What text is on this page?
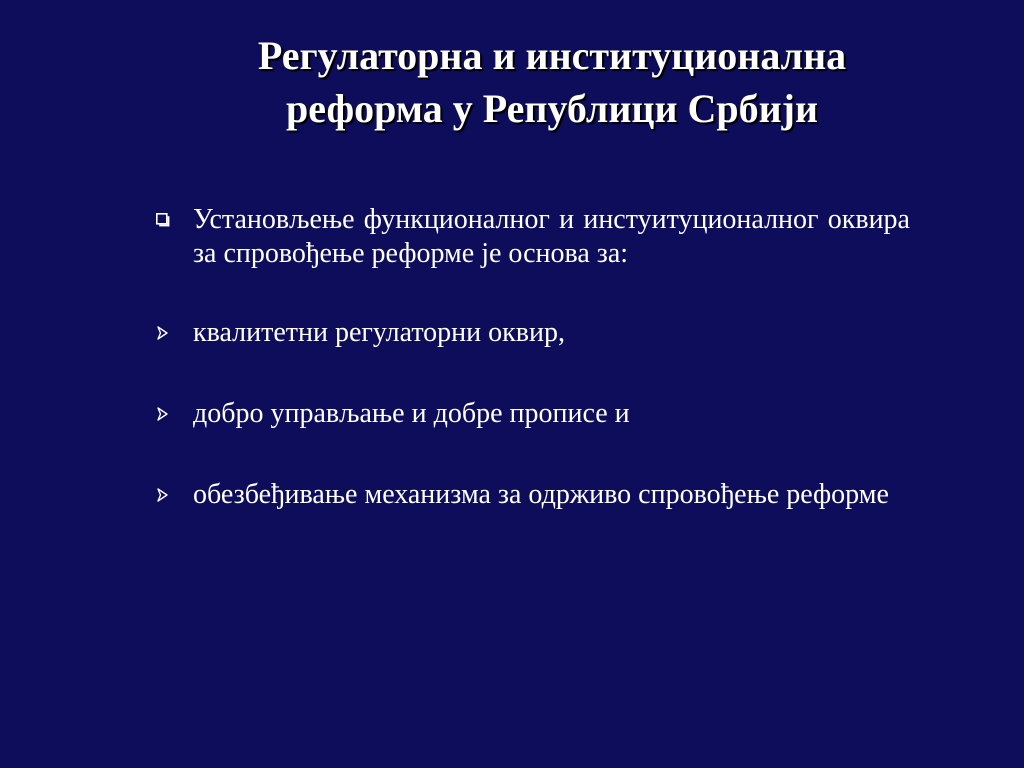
Регулаторна и институционална
реформа у Републици Србији
Установљење функционалног и инстуитуционалног оквира за спровођење реформе је основа за:
квалитетни регулаторни оквир,
добро управљање и добре прописе и
обезбеђивање механизма за одрживо спровођење реформе
